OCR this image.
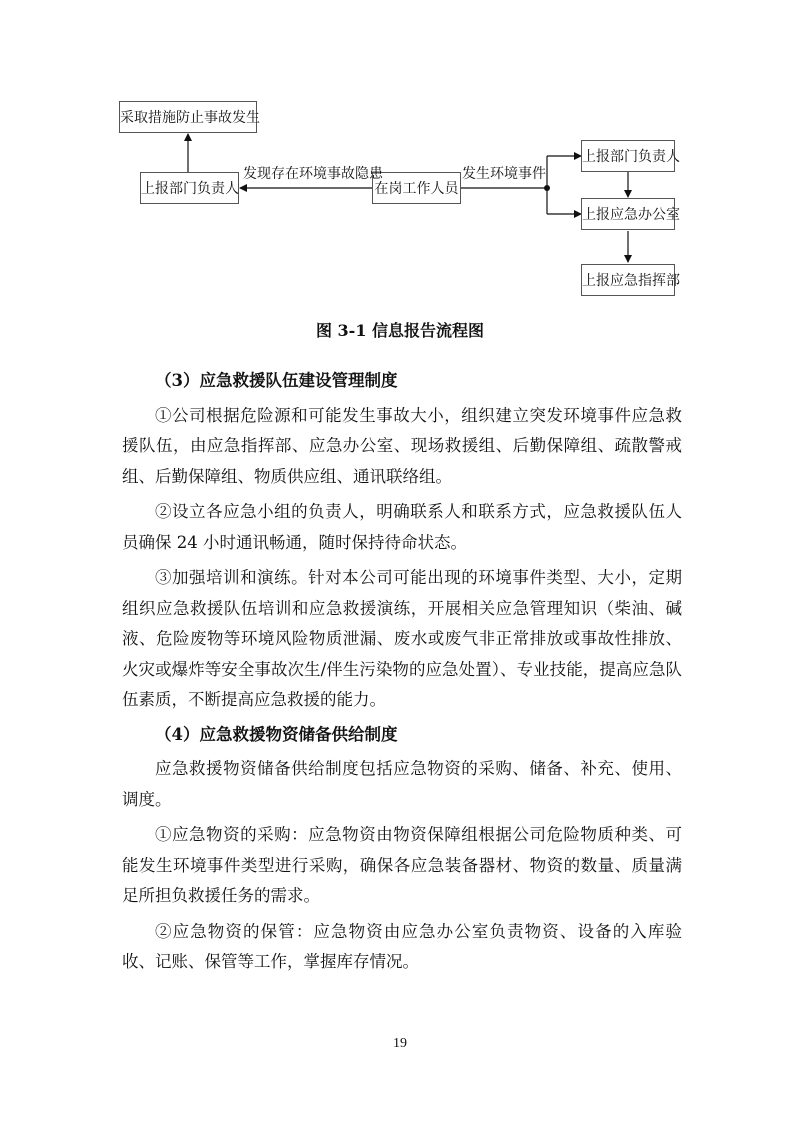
采取措施防止事故发生
上报部门负责人	在岗工作人员
上报部门负责人
上报应急办公室
上报应急指挥部
发现存在环境事故隐患	发生环境事件
图 3-1 信息报告流程图
（3）应急救援队伍建设管理制度

①公司根据危险源和可能发生事故大小，组织建立突发环境事件应急救援队伍，由应急指挥部、应急办公室、现场救援组、后勤保障组、疏散警戒组、后勤保障组、物质供应组、通讯联络组。

②设立各应急小组的负责人，明确联系人和联系方式，应急救援队伍人员确保 24 小时通讯畅通，随时保持待命状态。

③加强培训和演练。针对本公司可能出现的环境事件类型、大小，定期组织应急救援队伍培训和应急救援演练，开展相关应急管理知识（柴油、碱液、危险废物等环境风险物质泄漏、废水或废气非正常排放或事故性排放、火灾或爆炸等安全事故次生/伴生污染物的应急处置）、专业技能，提高应急队伍素质，不断提高应急救援的能力。

（4）应急救援物资储备供给制度

应急救援物资储备供给制度包括应急物资的采购、储备、补充、使用、调度。

①应急物资的采购：应急物资由物资保障组根据公司危险物质种类、可能发生环境事件类型进行采购，确保各应急装备器材、物资的数量、质量满足所担负救援任务的需求。

②应急物资的保管：应急物资由应急办公室负责物资、设备的入库验收、记账、保管等工作，掌握库存情况。

19
